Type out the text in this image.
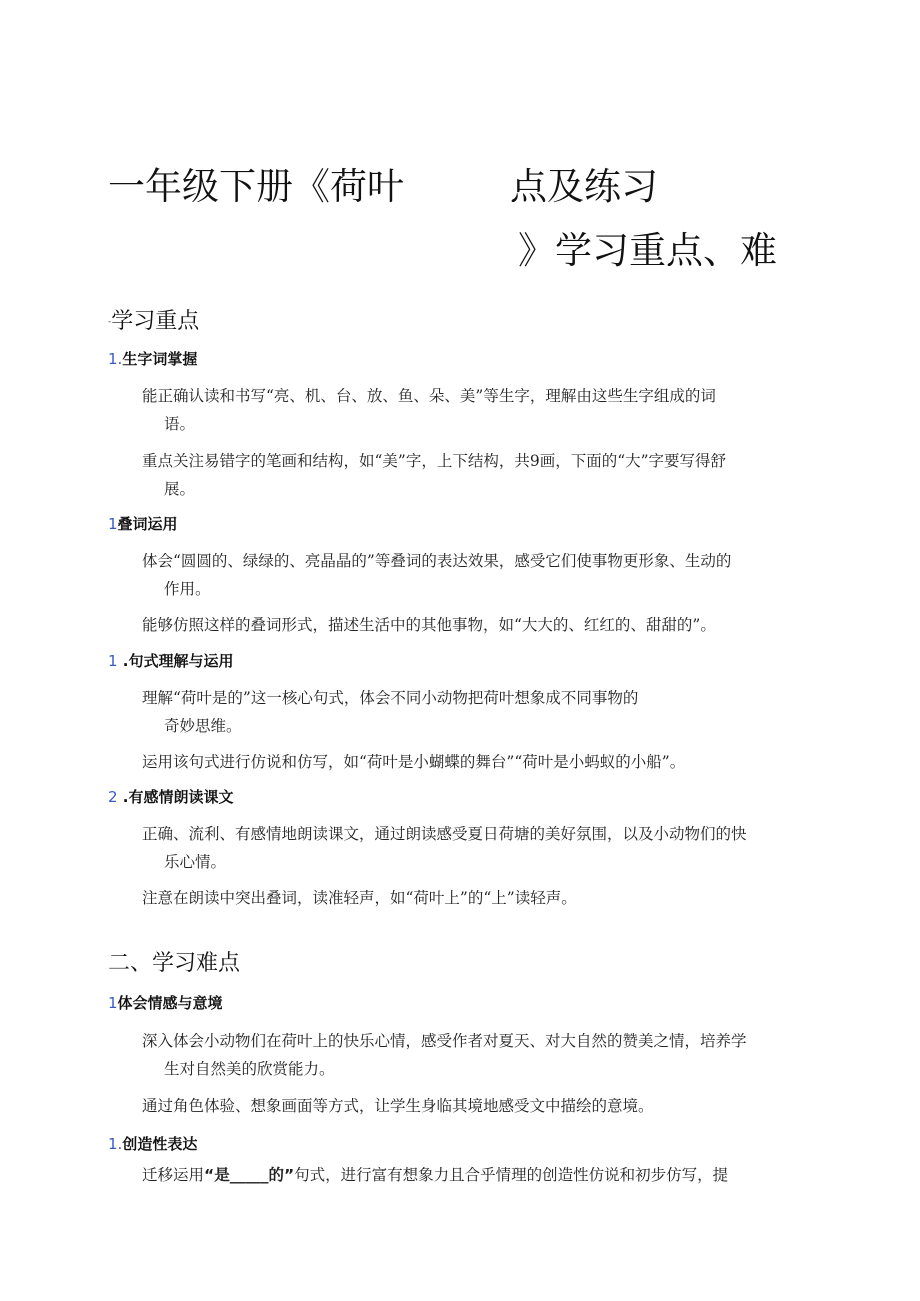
一年级下册《荷叶	点及练习
》学习重点、难
-学习重点
1.生字词掌握
能正确认读和书写“亮、机、台、放、鱼、朵、美”等生字，理解由这些生字组成的词
语。
重点关注易错字的笔画和结构，如“美”字，上下结构，共9画，下面的“大”字要写得舒
展。
1叠词运用
体会“圆圆的、绿绿的、亮晶晶的”等叠词的表达效果，感受它们使事物更形象、生动的
作用。
能够仿照这样的叠词形式，描述生活中的其他事物，如“大大的、红红的、甜甜的”。
1 .句式理解与运用
理解“荷叶是的”这一核心句式，体会不同小动物把荷叶想象成不同事物的
奇妙思维。
运用该句式进行仿说和仿写，如“荷叶是小蝴蝶的舞台”“荷叶是小蚂蚁的小船”。
2 .有感情朗读课文
正确、流利、有感情地朗读课文，通过朗读感受夏日荷塘的美好氛围，以及小动物们的快
乐心情。
注意在朗读中突出叠词，读准轻声，如“荷叶上”的“上”读轻声。
二、学习难点
1体会情感与意境
深入体会小动物们在荷叶上的快乐心情，感受作者对夏天、对大自然的赞美之情，培养学
生对自然美的欣赏能力。
通过角色体验、想象画面等方式，让学生身临其境地感受文中描绘的意境。
1.创造性表达
迁移运用“是_____的”句式，进行富有想象力且合乎情理的创造性仿说和初步仿写，提
